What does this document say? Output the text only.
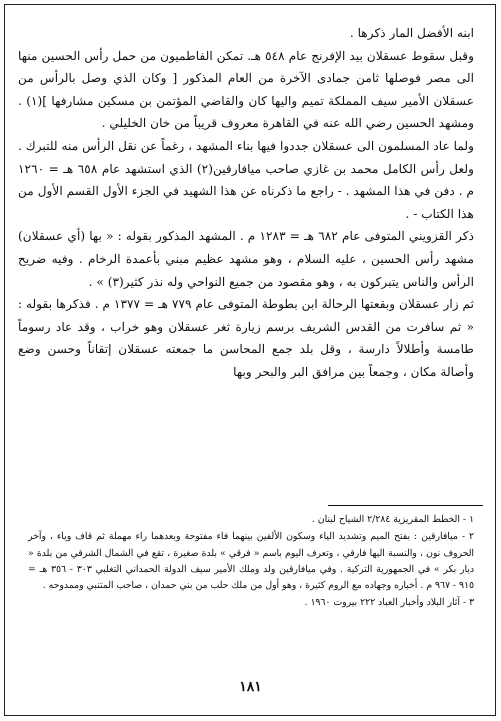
ابنه الأفضل المار ذكرها .

وقبل سقوط عسقلان بيد الإفرنج عام ٥٤٨ هـ. تمكن الفاطميون من حمل رأس الحسين منها الى مصر فوصلها ثامن جمادى الآخرة من العام المذكور [ وكان الذي وصل بالرأس من عسقلان الأمير سيف المملكة تميم واليها كان والقاضي المؤتمن بن مسكين مشارفها ](١) . ومشهد الحسين رضي الله عنه في القاهرة معروف قريباً من خان الخليلي .

ولما عاد المسلمون الى عسقلان جددوا فيها بناء المشهد ، رغماً عن نقل الرأس منه للتبرك . ولعل رأس الكامل محمد بن غازي صاحب ميافارقين(٢) الذي استشهد عام ٦٥٨ هـ = ١٢٦٠ م . دفن في هذا المشهد . - راجع ما ذكرناه عن هذا الشهيد في الجزء الأول القسم الأول من هذا الكتاب - .

ذكر القزويني المتوفى عام ٦٨٢ هـ = ١٢٨٣ م . المشهد المذكور بقوله : « بها (أي عسقلان) مشهد رأس الحسين ، عليه السلام ، وهو مشهد عظيم مبني بأعمدة الرخام . وفيه ضريح الرأس والناس يتبركون به ، وهو مقصود من جميع النواحي وله نذر كثير(٣) » .

ثم زار عسقلان وبقعتها الرحالة ابن بطوطة المتوفى عام ٧٧٩ هـ = ١٣٧٧ م . فذكرها بقوله : « ثم سافرت من القدس الشريف برسم زيارة ثغر عسقلان وهو خراب ، وقد عاد رسوماً طامسة وأطلالاً دارسة ، وقل بلد جمع المحاسن ما جمعته عسقلان إتقاناً وحسن وضع وأصالة مكان ، وجمعاً بين مرافق البر والبحر وبها

١ - الخطط المقريزية ٢/٢٨٤ الشياح لبنان .

٢ - ميافارقين : بفتح الميم وتشديد الياء وسكون الألفين بينهما فاء مفتوحة وبعدهما راء مهملة ثم قاف وياء ، وآخر الحروف نون ، والنسبة اليها فارقي ، وتعرف اليوم باسم « فرقي » بلدة صغيرة ، تقع في الشمال الشرقي من بلدة « ديار بكر » في الجمهورية التركية . وفي ميافارقين ولد وملك الأمير سيف الدولة الحمداني التغلبي ٣٠٣ - ٣٥٦ هـ = ٩١٥ - ٩٦٧ م . أخباره وجهاده مع الروم كثيرة ، وهو أول من ملك حلب من بني حمدان ، صاحب المتنبي وممدوحه .

٣ - آثار البلاد وأخبار العباد ٢٢٢ بيروت ١٩٦٠ .

١٨١
